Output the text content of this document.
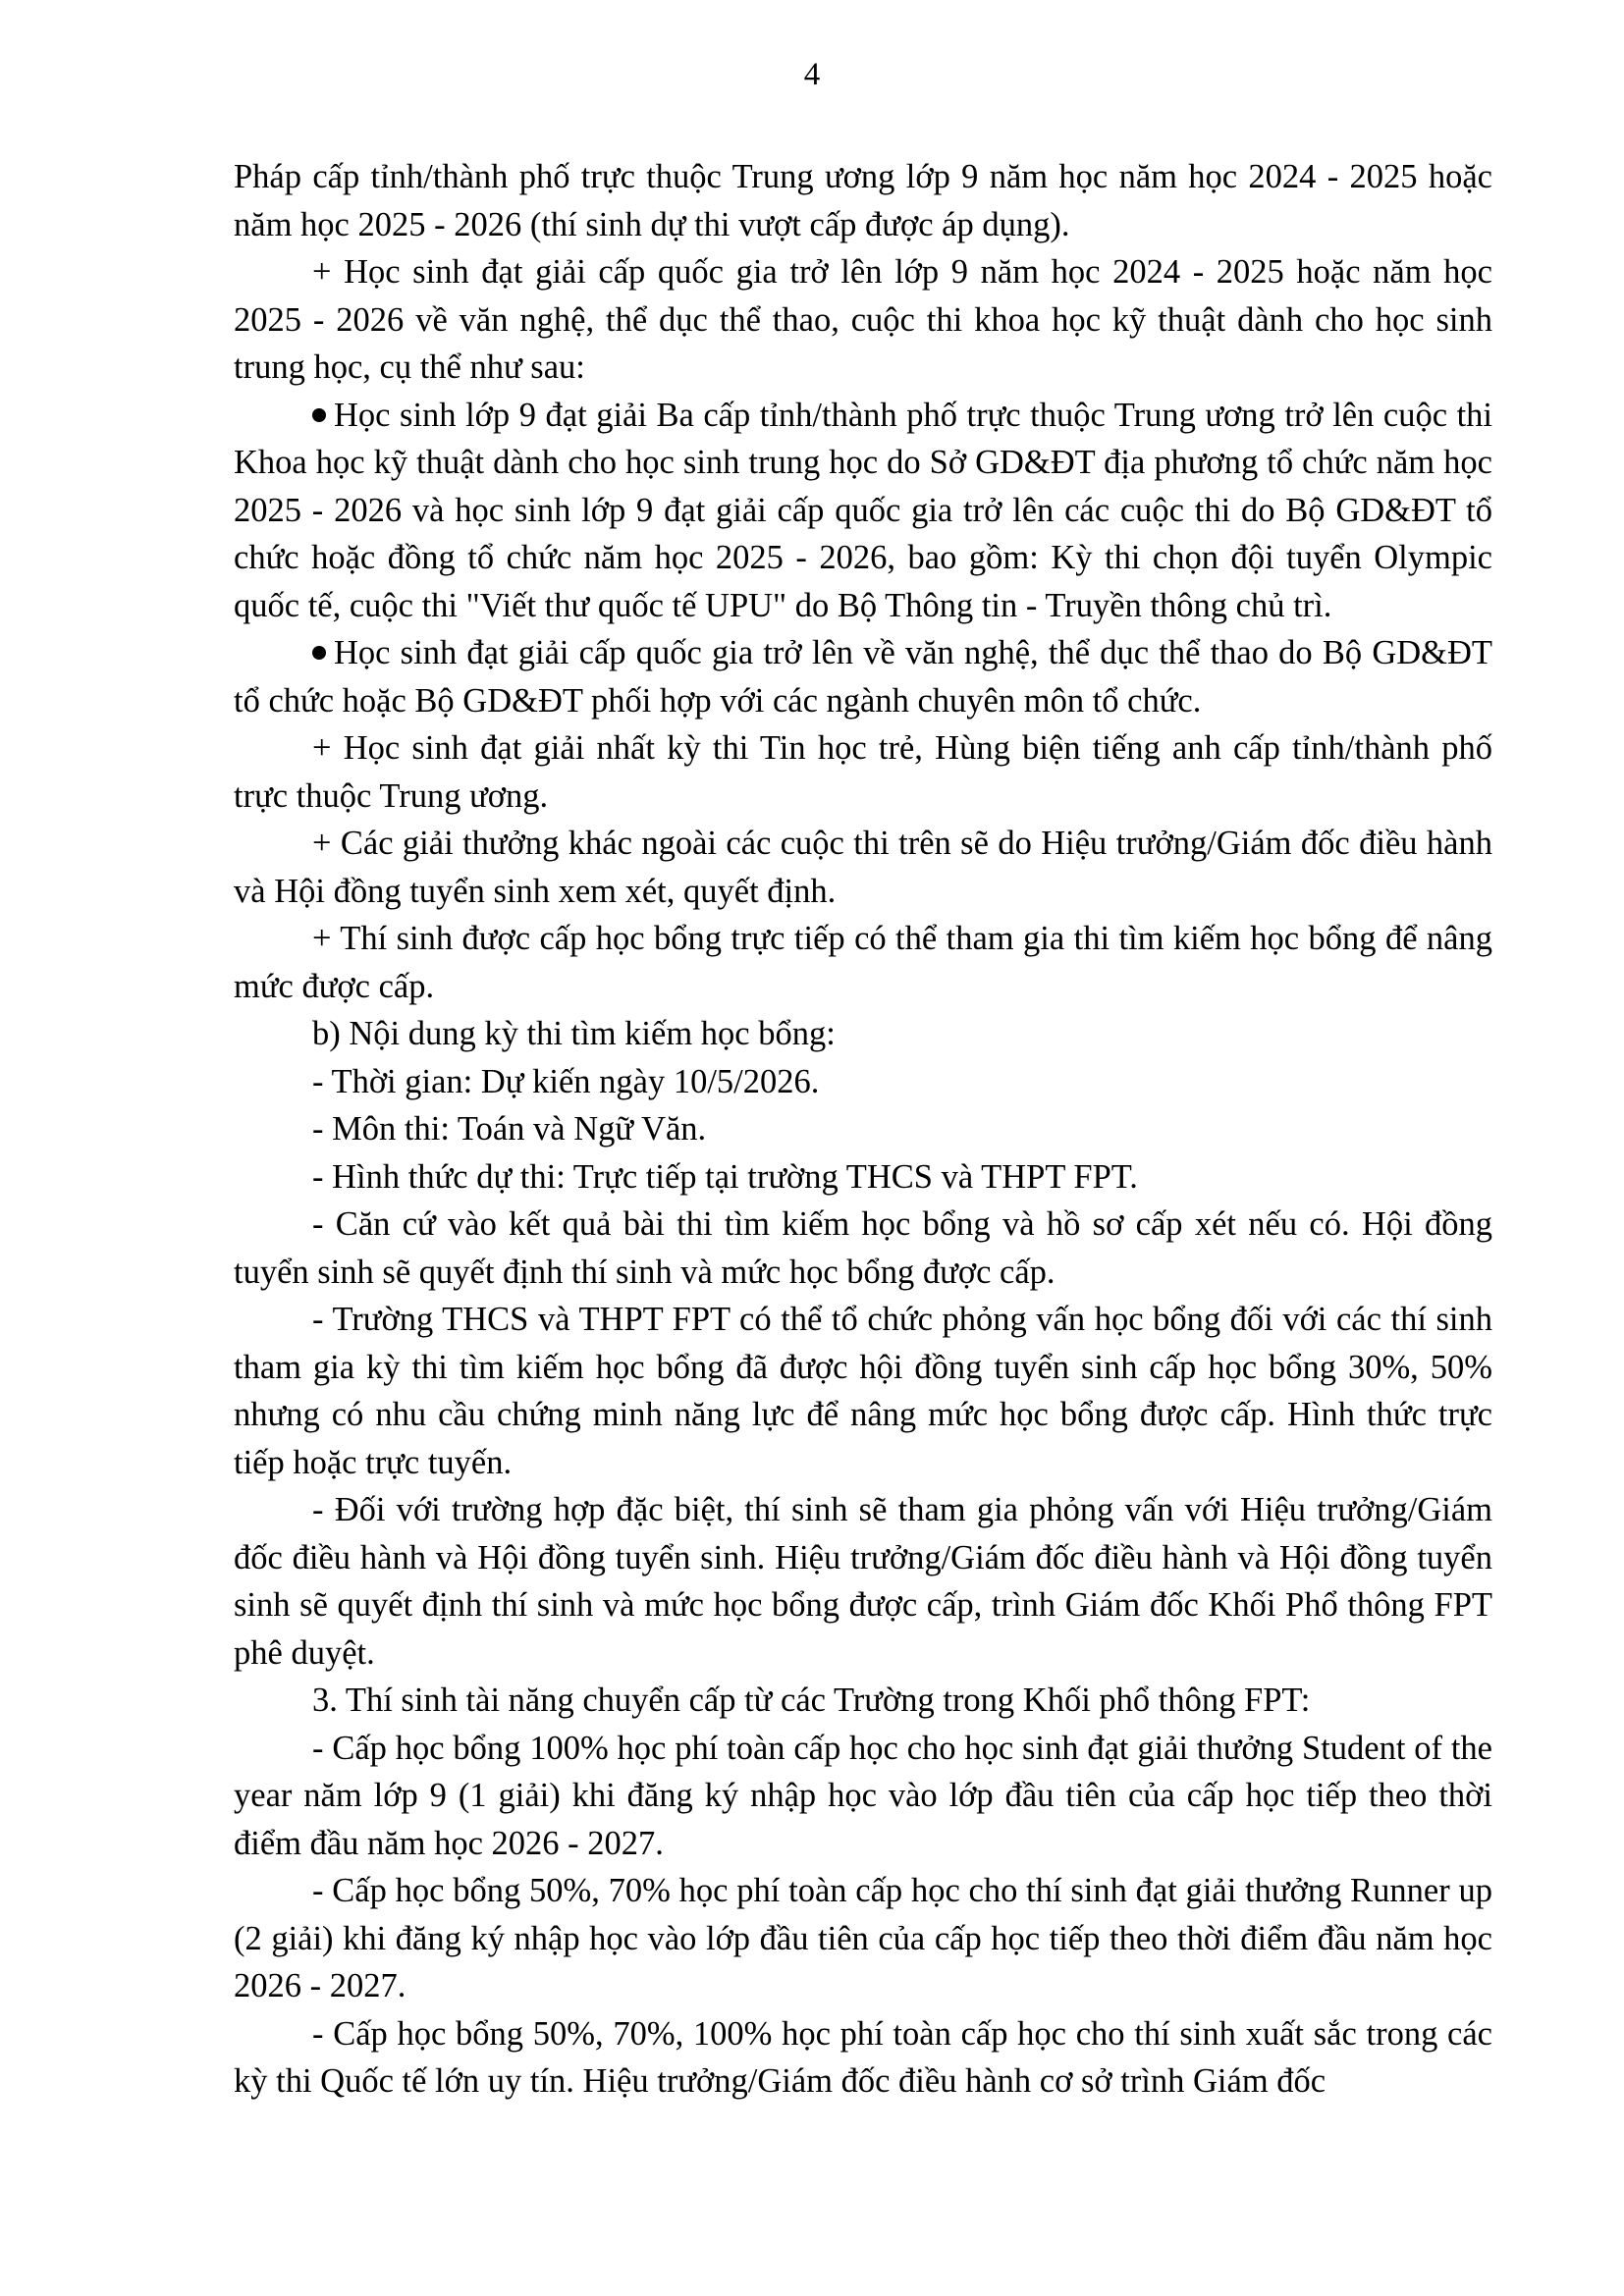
4

Pháp cấp tỉnh/thành phố trực thuộc Trung ương lớp 9 năm học năm học 2024 - 2025 hoặc năm học 2025 - 2026 (thí sinh dự thi vượt cấp được áp dụng).

+ Học sinh đạt giải cấp quốc gia trở lên lớp 9 năm học 2024 - 2025 hoặc năm học 2025 - 2026 về văn nghệ, thể dục thể thao, cuộc thi khoa học kỹ thuật dành cho học sinh trung học, cụ thể như sau:

Học sinh lớp 9 đạt giải Ba cấp tỉnh/thành phố trực thuộc Trung ương trở lên cuộc thi Khoa học kỹ thuật dành cho học sinh trung học do Sở GD&ĐT địa phương tổ chức năm học 2025 - 2026 và học sinh lớp 9 đạt giải cấp quốc gia trở lên các cuộc thi do Bộ GD&ĐT tổ chức hoặc đồng tổ chức năm học 2025 - 2026, bao gồm: Kỳ thi chọn đội tuyển Olympic quốc tế, cuộc thi "Viết thư quốc tế UPU" do Bộ Thông tin - Truyền thông chủ trì.

Học sinh đạt giải cấp quốc gia trở lên về văn nghệ, thể dục thể thao do Bộ GD&ĐT tổ chức hoặc Bộ GD&ĐT phối hợp với các ngành chuyên môn tổ chức.

+ Học sinh đạt giải nhất kỳ thi Tin học trẻ, Hùng biện tiếng anh cấp tỉnh/thành phố trực thuộc Trung ương.

+ Các giải thưởng khác ngoài các cuộc thi trên sẽ do Hiệu trưởng/Giám đốc điều hành và Hội đồng tuyển sinh xem xét, quyết định.

+ Thí sinh được cấp học bổng trực tiếp có thể tham gia thi tìm kiếm học bổng để nâng mức được cấp.

b) Nội dung kỳ thi tìm kiếm học bổng:

- Thời gian: Dự kiến ngày 10/5/2026.

- Môn thi: Toán và Ngữ Văn.

- Hình thức dự thi: Trực tiếp tại trường THCS và THPT FPT.

- Căn cứ vào kết quả bài thi tìm kiếm học bổng và hồ sơ cấp xét nếu có. Hội đồng tuyển sinh sẽ quyết định thí sinh và mức học bổng được cấp.

- Trường THCS và THPT FPT có thể tổ chức phỏng vấn học bổng đối với các thí sinh tham gia kỳ thi tìm kiếm học bổng đã được hội đồng tuyển sinh cấp học bổng 30%, 50% nhưng có nhu cầu chứng minh năng lực để nâng mức học bổng được cấp. Hình thức trực tiếp hoặc trực tuyến.

- Đối với trường hợp đặc biệt, thí sinh sẽ tham gia phỏng vấn với Hiệu trưởng/Giám đốc điều hành và Hội đồng tuyển sinh. Hiệu trưởng/Giám đốc điều hành và Hội đồng tuyển sinh sẽ quyết định thí sinh và mức học bổng được cấp, trình Giám đốc Khối Phổ thông FPT phê duyệt.

3. Thí sinh tài năng chuyển cấp từ các Trường trong Khối phổ thông FPT:

- Cấp học bổng 100% học phí toàn cấp học cho học sinh đạt giải thưởng Student of the year năm lớp 9 (1 giải) khi đăng ký nhập học vào lớp đầu tiên của cấp học tiếp theo thời điểm đầu năm học 2026 - 2027.

- Cấp học bổng 50%, 70% học phí toàn cấp học cho thí sinh đạt giải thưởng Runner up (2 giải) khi đăng ký nhập học vào lớp đầu tiên của cấp học tiếp theo thời điểm đầu năm học 2026 - 2027.

- Cấp học bổng 50%, 70%, 100% học phí toàn cấp học cho thí sinh xuất sắc trong các kỳ thi Quốc tế lớn uy tín. Hiệu trưởng/Giám đốc điều hành cơ sở trình Giám đốc
